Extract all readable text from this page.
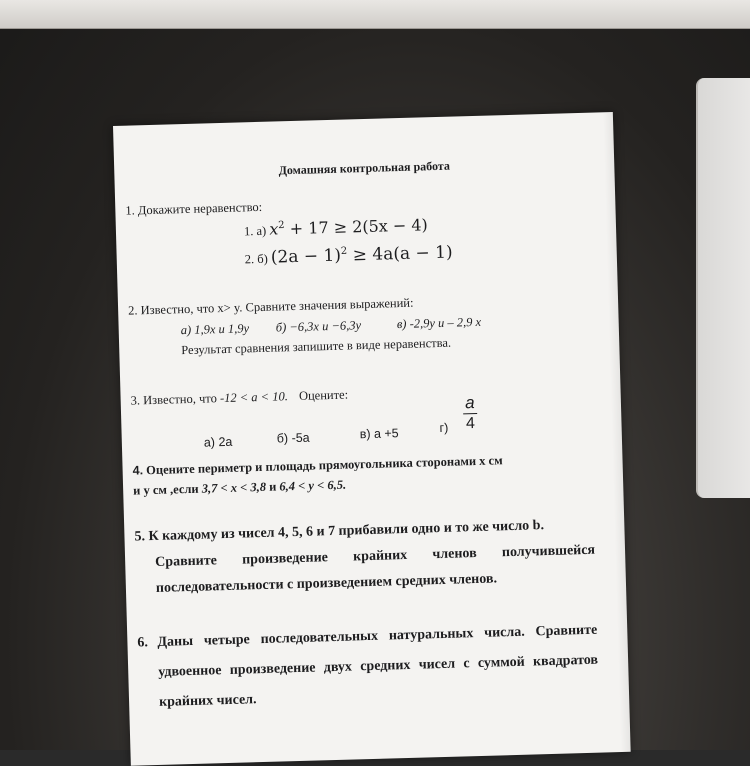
Домашняя контрольная работа
1. Докажите неравенство:
1. а) $x^2 + 17 \ge 2(5x - 4)$
2. б) $(2a - 1)^2 \ge 4a(a - 1)$
2. Известно, что x> y. Сравните значения выражений:
а) 1,9x и 1,9y б) −6,3x и −6,3y	в) -2,9y и – 2,9 x
Результат сравнения запишите в виде неравенства.
3. Известно, что -12 < a < 10. Оцените:
а) 2а	б) -5а	в) а +5	г)
a
4
4. Оцените периметр и площадь прямоугольника сторонами х см
и у см ,если 3,7 < x < 3,8 и 6,4 < y < 6,5.
5. К каждому из чисел 4, 5, 6 и 7 прибавили одно и то же число b.
Сравните произведение крайних членов получившейся
последовательности с произведением средних членов.
6. Даны четыре последовательных натуральных числа. Сравните
удвоенное произведение двух средних чисел с суммой квадратов
крайних чисел.
